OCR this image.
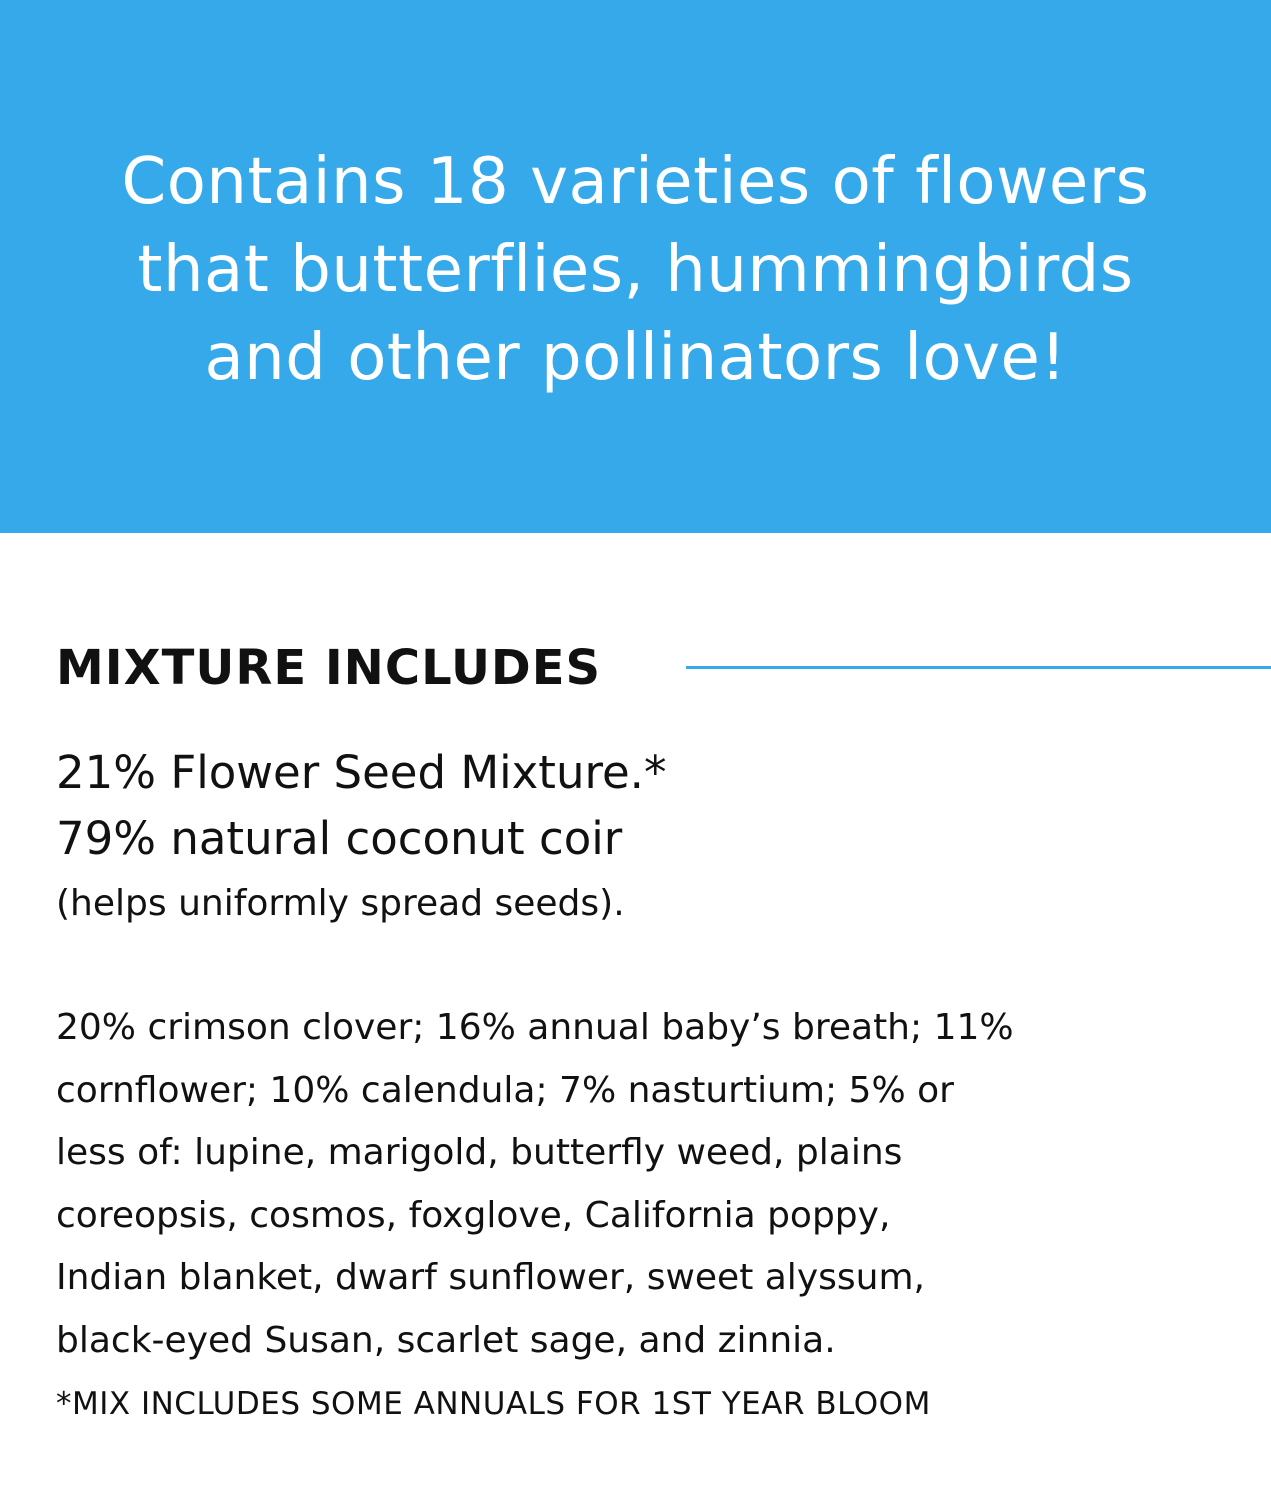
Contains 18 varieties of flowers
that butterflies, hummingbirds
and other pollinators love!
MIXTURE INCLUDES
21% Flower Seed Mixture.*
79% natural coconut coir
(helps uniformly spread seeds).
20% crimson clover; 16% annual baby’s breath; 11%
cornflower; 10% calendula; 7% nasturtium; 5% or
less of: lupine, marigold, butterfly weed, plains
coreopsis, cosmos, foxglove, California poppy,
Indian blanket, dwarf sunflower, sweet alyssum,
black-eyed Susan, scarlet sage, and zinnia.
*MIX INCLUDES SOME ANNUALS FOR 1ST YEAR BLOOM
